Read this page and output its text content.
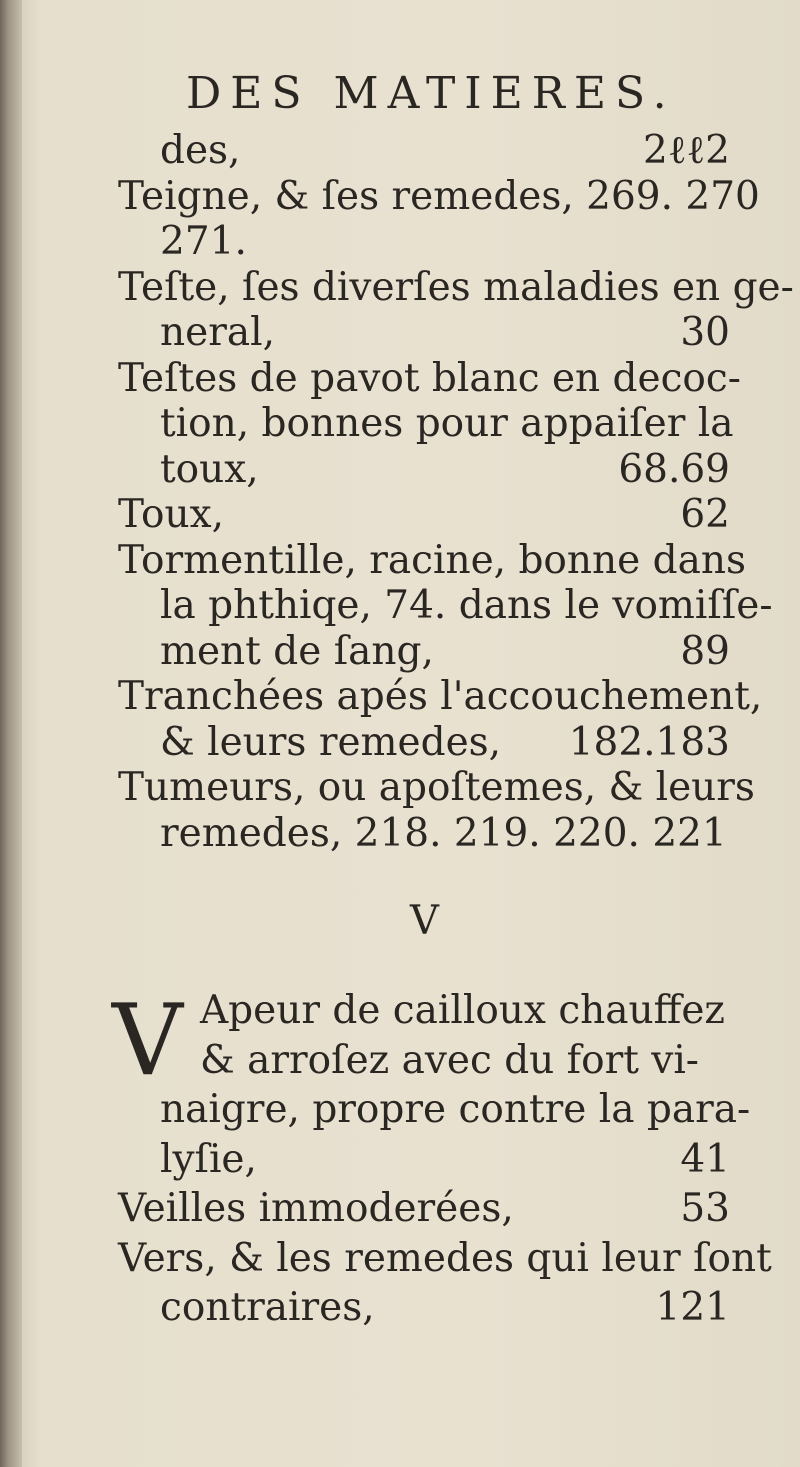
DES MATIERES.
des,	2ℓℓ2
Teigne, & ſes remedes, 269. 270
271.
Teſte, ſes diverſes maladies en ge-
neral,	30
Teſtes de pavot blanc en decoc-
tion, bonnes pour appaiſer la
toux,	68.69
Toux,	62
Tormentille, racine, bonne dans
la phthiqe, 74. dans le vomiſſe-
ment de ſang,	89
Tranchées apés l'accouchement,
& leurs remedes, 182.183
Tumeurs, ou apoſtemes, & leurs
remedes, 218. 219. 220. 221
V
V Apeur de cailloux chauffez
& arroſez avec du fort vi-
naigre, propre contre la para-
lyſie,	41
Veilles immoderées,	53
Vers, & les remedes qui leur ſont
contraires,	121
